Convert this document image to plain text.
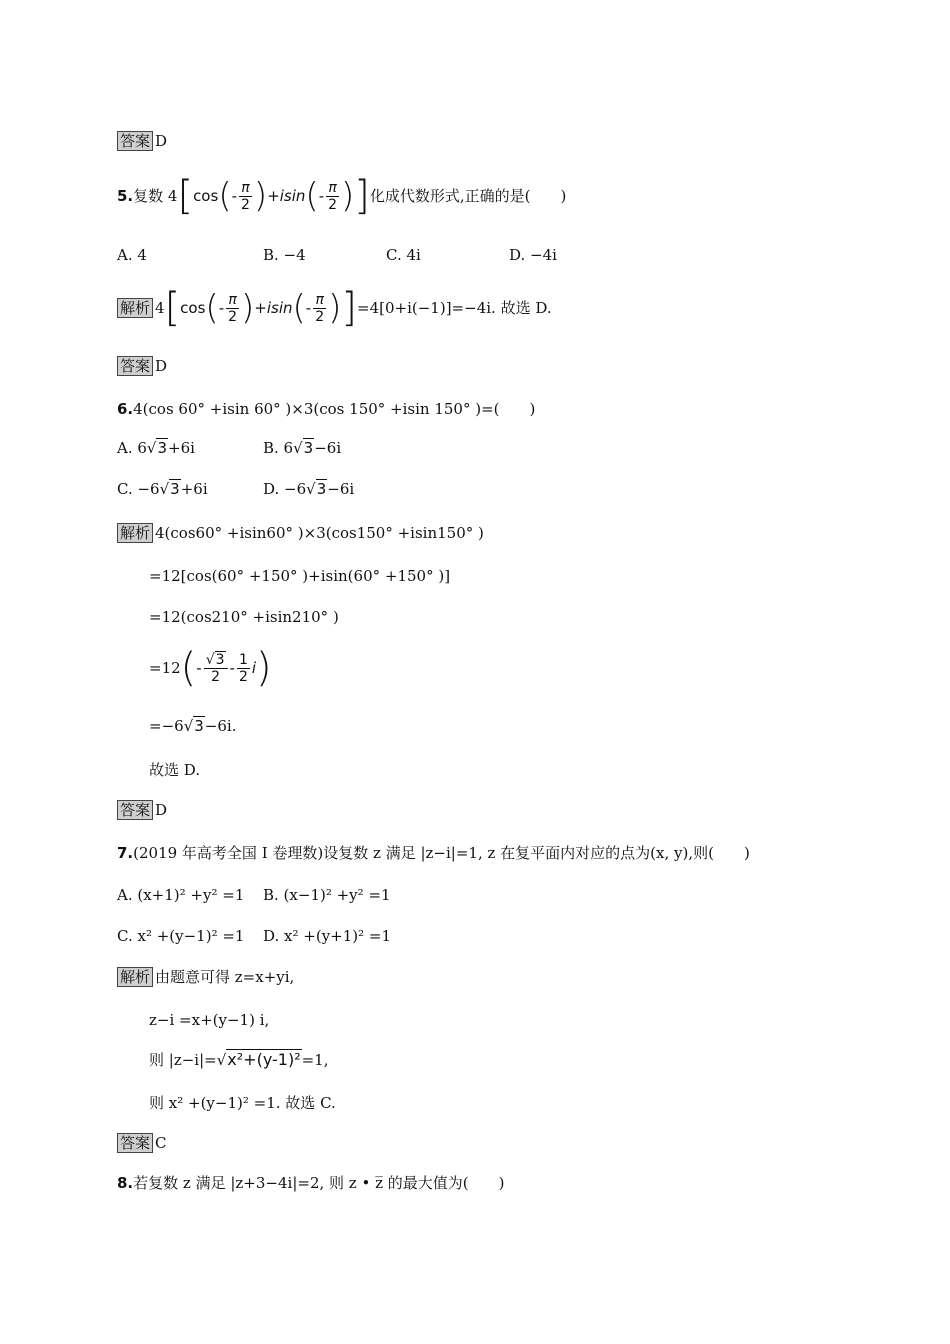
答案 D
5. 复数 4 [ cos ( - $\frac{\pi}{2}$ ) +isin ( - $\frac{\pi}{2}$ ) ] 化成代数形式,正确的是(　　)
A. 4	B. −4	C. 4i	D. −4i
解析 4 [ cos ( - $\frac{\pi}{2}$ ) +isin ( - $\frac{\pi}{2}$ ) ] =4[0+i(−1)]=−4i. 故选 D.
答案 D
6.4(cos 60° +isin 60° )×3(cos 150° +isin 150° )=(　　)
A. 6√3+6i	B. 6√3−6i
C. −6√3+6i	D. −6√3−6i
解析 4(cos60° +isin60° )×3(cos150° +isin150° )
=12[cos(60° +150° )+isin(60° +150° )]
=12(cos210° +isin210° )
=12 ( - $\frac{√3}{2} - \frac{1}{2}$ i )
=−6√3−6i.
故选 D.
答案 D
7.(2019 年高考全国 Ⅰ 卷理数)设复数 z 满足 |z−i|=1, z 在复平面内对应的点为(x, y),则(　　)
A. (x+1)² +y² =1 B. (x−1)² +y² =1
C. x² +(y−1)² =1 D. x² +(y+1)² =1
解析 由题意可得 z=x+yi,
z−i =x+(y−1) i,
则 |z−i|=√x²+(y-1)²=1,
则 x² +(y−1)² =1. 故选 C.
答案 C
8.若复数 z 满足 |z+3−4i|=2, 则 z • z̅ 的最大值为(　　)
